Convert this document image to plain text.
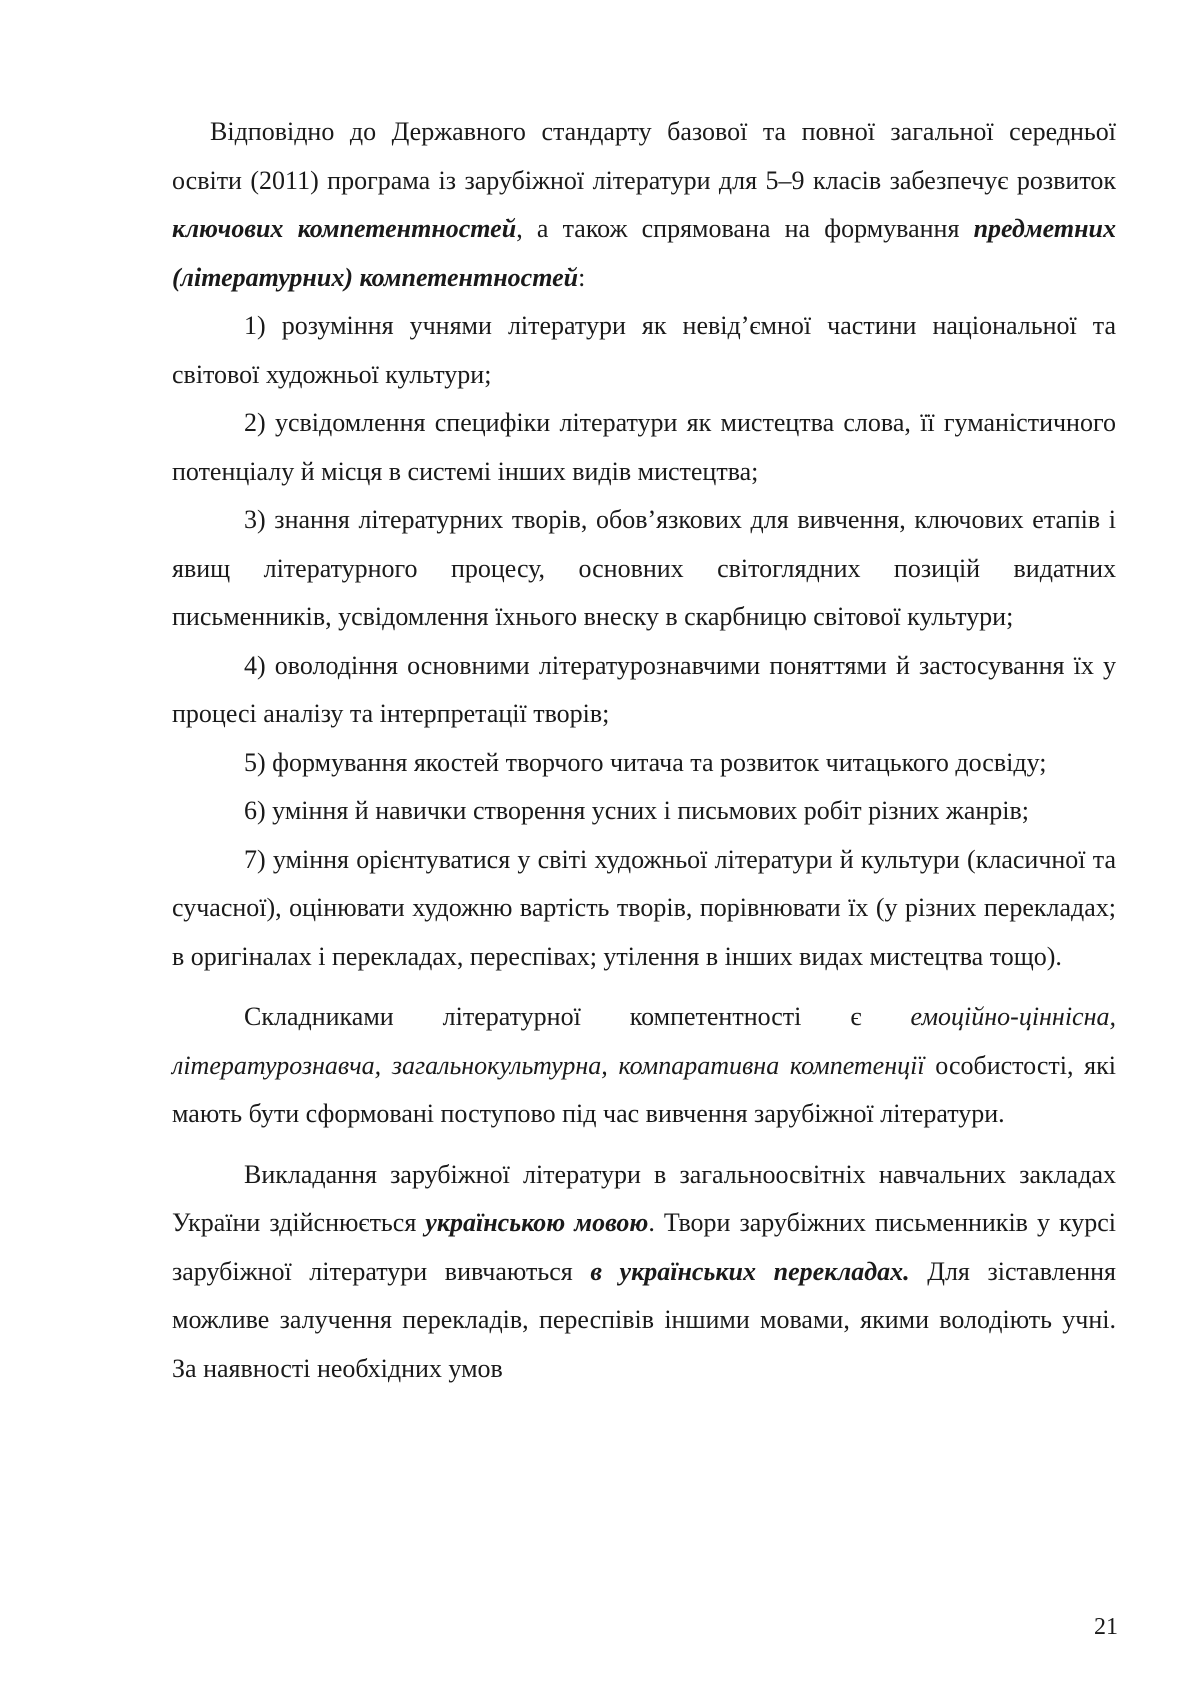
Відповідно до Державного стандарту базової та повної загальної середньої освіти (2011) програма із зарубіжної літератури для 5–9 класів забезпечує розвиток ключових компетентностей, а також спрямована на формування предметних (літературних) компетентностей:

1) розуміння учнями літератури як невід’ємної частини національної та світової художньої культури;

2) усвідомлення специфіки літератури як мистецтва слова, її гуманістичного потенціалу й місця в системі інших видів мистецтва;

3) знання літературних творів, обов’язкових для вивчення, ключових етапів і явищ літературного процесу, основних світоглядних позицій видатних письменників, усвідомлення їхнього внеску в скарбницю світової культури;

4) оволодіння основними літературознавчими поняттями й застосування їх у процесі аналізу та інтерпретації творів;

5) формування якостей творчого читача та розвиток читацького досвіду;

6) уміння й навички створення усних і письмових робіт різних жанрів;

7) уміння орієнтуватися у світі художньої літератури й культури (класичної та сучасної), оцінювати художню вартість творів, порівнювати їх (у різних перекладах; в оригіналах і перекладах, переспівах; утілення в інших видах мистецтва тощо).

Складниками літературної компетентності є емоційно-ціннісна, літературознавча, загальнокультурна, компаративна компетенції особистості, які мають бути сформовані поступово під час вивчення зарубіжної літератури.

Викладання зарубіжної літератури в загальноосвітніх навчальних закладах України здійснюється українською мовою. Твори зарубіжних письменників у курсі зарубіжної літератури вивчаються в українських перекладах. Для зіставлення можливе залучення перекладів, переспівів іншими мовами, якими володіють учні. За наявності необхідних умов

21
